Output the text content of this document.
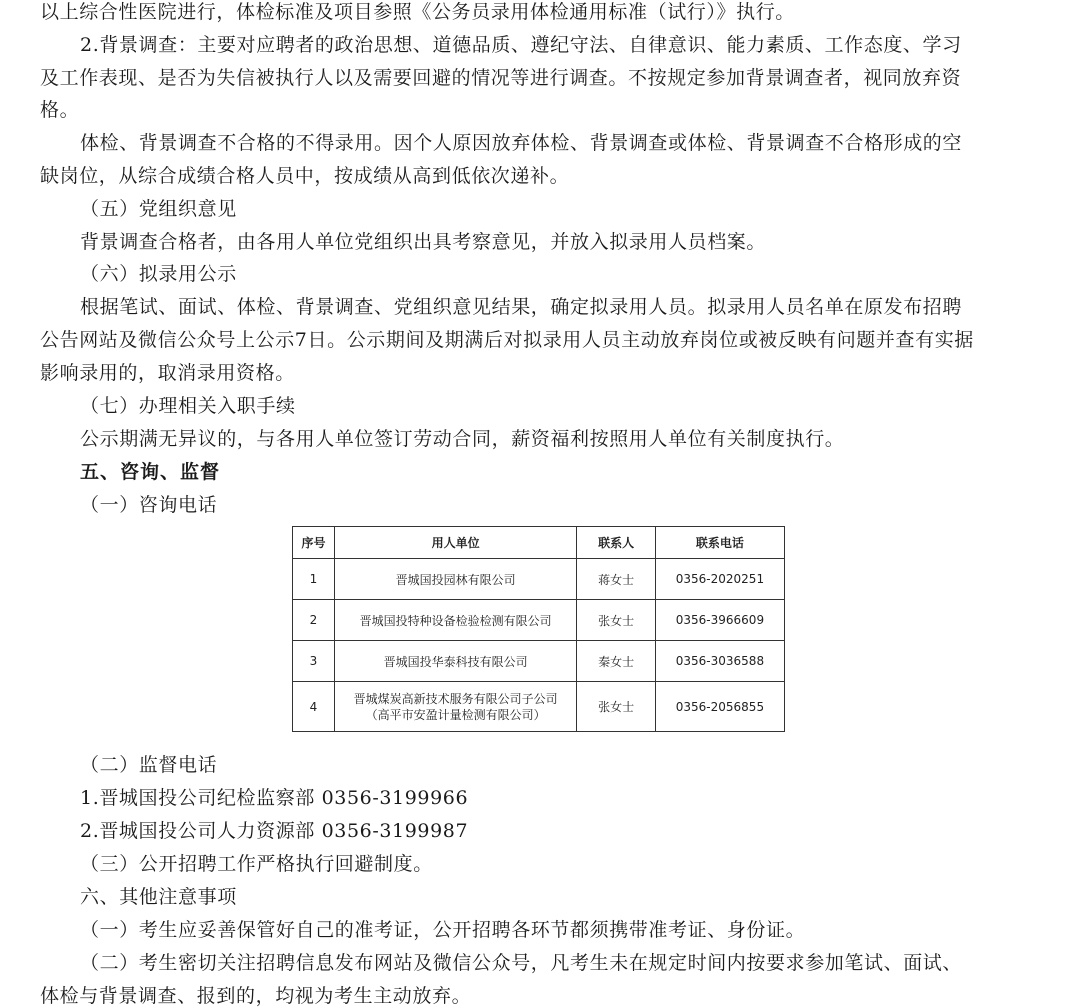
以上综合性医院进行，体检标准及项目参照《公务员录用体检通用标准（试行）》执行。
2.背景调查：主要对应聘者的政治思想、道德品质、遵纪守法、自律意识、能力素质、工作态度、学习
及工作表现、是否为失信被执行人以及需要回避的情况等进行调查。不按规定参加背景调查者，视同放弃资
格。
体检、背景调查不合格的不得录用。因个人原因放弃体检、背景调查或体检、背景调查不合格形成的空
缺岗位，从综合成绩合格人员中，按成绩从高到低依次递补。
（五）党组织意见
背景调查合格者，由各用人单位党组织出具考察意见，并放入拟录用人员档案。
（六）拟录用公示
根据笔试、面试、体检、背景调查、党组织意见结果，确定拟录用人员。拟录用人员名单在原发布招聘
公告网站及微信公众号上公示7日。公示期间及期满后对拟录用人员主动放弃岗位或被反映有问题并查有实据
影响录用的，取消录用资格。
（七）办理相关入职手续
公示期满无异议的，与各用人单位签订劳动合同，薪资福利按照用人单位有关制度执行。
五、咨询、监督
（一）咨询电话
序号	用人单位	联系人	联系电话
1	晋城国投园林有限公司	蒋女士	0356-2020251
2	晋城国投特种设备检验检测有限公司	张女士	0356-3966609
3	晋城国投华泰科技有限公司	秦女士	0356-3036588
4	晋城煤炭高新技术服务有限公司子公司
（高平市安盈计量检测有限公司）	张女士	0356-2056855
（二）监督电话
1.晋城国投公司纪检监察部 0356-3199966
2.晋城国投公司人力资源部 0356-3199987
（三）公开招聘工作严格执行回避制度。
六、其他注意事项
（一）考生应妥善保管好自己的准考证，公开招聘各环节都须携带准考证、身份证。
（二）考生密切关注招聘信息发布网站及微信公众号，凡考生未在规定时间内按要求参加笔试、面试、
体检与背景调查、报到的，均视为考生主动放弃。
